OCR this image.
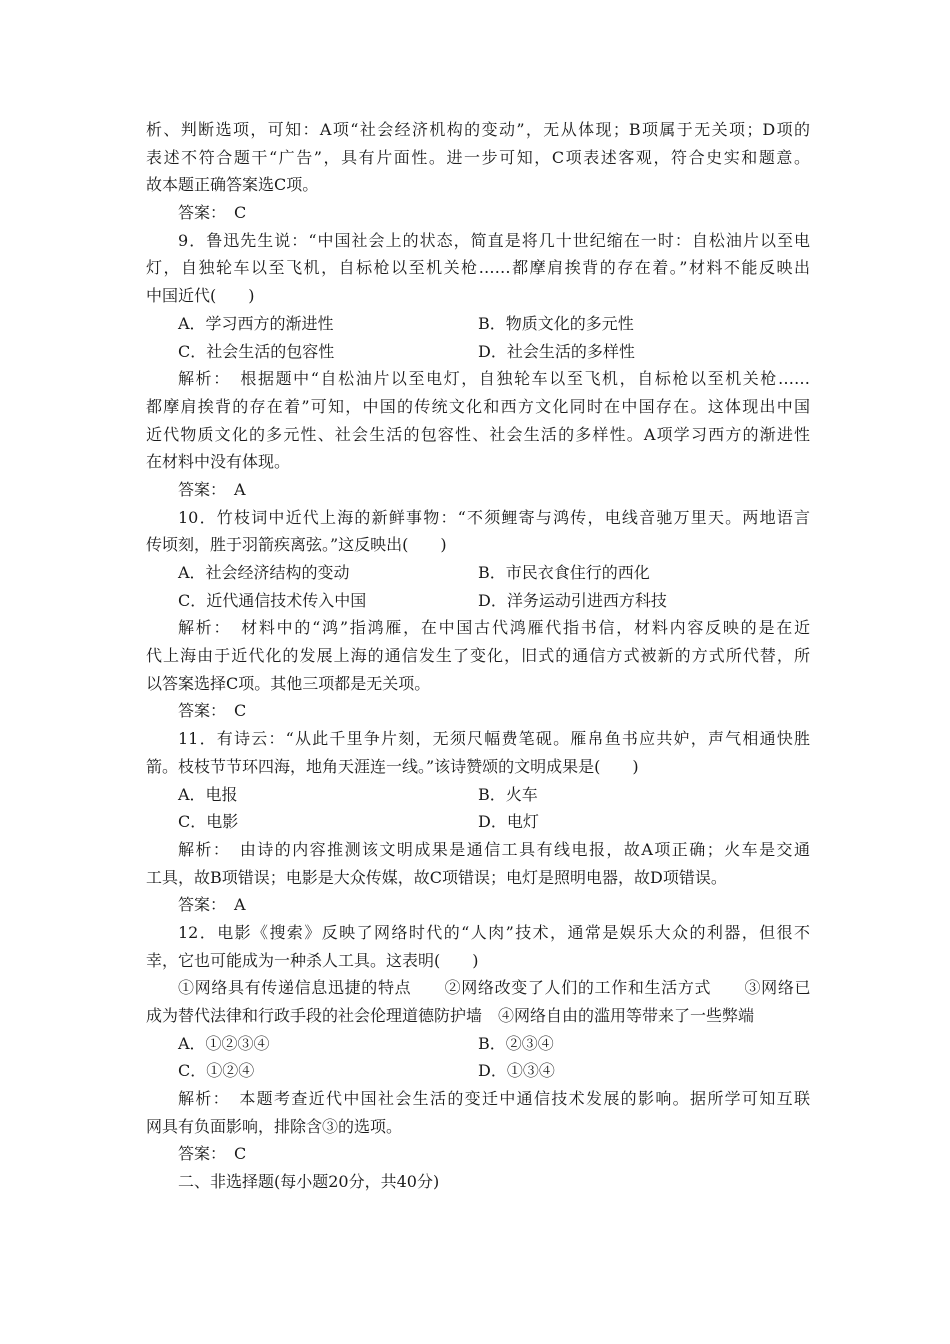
析、判断选项，可知：A项“社会经济机构的变动”，无从体现；B项属于无关项；D项的
表述不符合题干“广告”，具有片面性。进一步可知，C项表述客观，符合史实和题意。
故本题正确答案选C项。
答案：　C
9．鲁迅先生说：“中国社会上的状态，简直是将几十世纪缩在一时：自松油片以至电
灯，自独轮车以至飞机，自标枪以至机关枪……都摩肩挨背的存在着。”材料不能反映出
中国近代(　　)
A．学习西方的渐进性	B．物质文化的多元性
C．社会生活的包容性	D．社会生活的多样性
解析：　根据题中“自松油片以至电灯，自独轮车以至飞机，自标枪以至机关枪……
都摩肩挨背的存在着”可知，中国的传统文化和西方文化同时在中国存在。这体现出中国
近代物质文化的多元性、社会生活的包容性、社会生活的多样性。A项学习西方的渐进性
在材料中没有体现。
答案：　A
10．竹枝词中近代上海的新鲜事物：“不须鲤寄与鸿传，电线音驰万里天。两地语言
传顷刻，胜于羽箭疾离弦。”这反映出(　　)
A．社会经济结构的变动	B．市民衣食住行的西化
C．近代通信技术传入中国	D．洋务运动引进西方科技
解析：　材料中的“鸿”指鸿雁，在中国古代鸿雁代指书信，材料内容反映的是在近
代上海由于近代化的发展上海的通信发生了变化，旧式的通信方式被新的方式所代替，所
以答案选择C项。其他三项都是无关项。
答案：　C
11．有诗云：“从此千里争片刻，无须尺幅费笔砚。雁帛鱼书应共妒，声气相通快胜
箭。枝枝节节环四海，地角天涯连一线。”该诗赞颂的文明成果是(　　)
A．电报	B．火车
C．电影	D．电灯
解析：　由诗的内容推测该文明成果是通信工具有线电报，故A项正确；火车是交通
工具，故B项错误；电影是大众传媒，故C项错误；电灯是照明电器，故D项错误。
答案：　A
12．电影《搜索》反映了网络时代的“人肉”技术，通常是娱乐大众的利器，但很不
幸，它也可能成为一种杀人工具。这表明(　　)
①网络具有传递信息迅捷的特点　　②网络改变了人们的工作和生活方式　　③网络已
成为替代法律和行政手段的社会伦理道德防护墙　④网络自由的滥用等带来了一些弊端
A．①②③④	B．②③④
C．①②④	D．①③④
解析：　本题考查近代中国社会生活的变迁中通信技术发展的影响。据所学可知互联
网具有负面影响，排除含③的选项。
答案：　C
二、非选择题(每小题20分，共40分)
